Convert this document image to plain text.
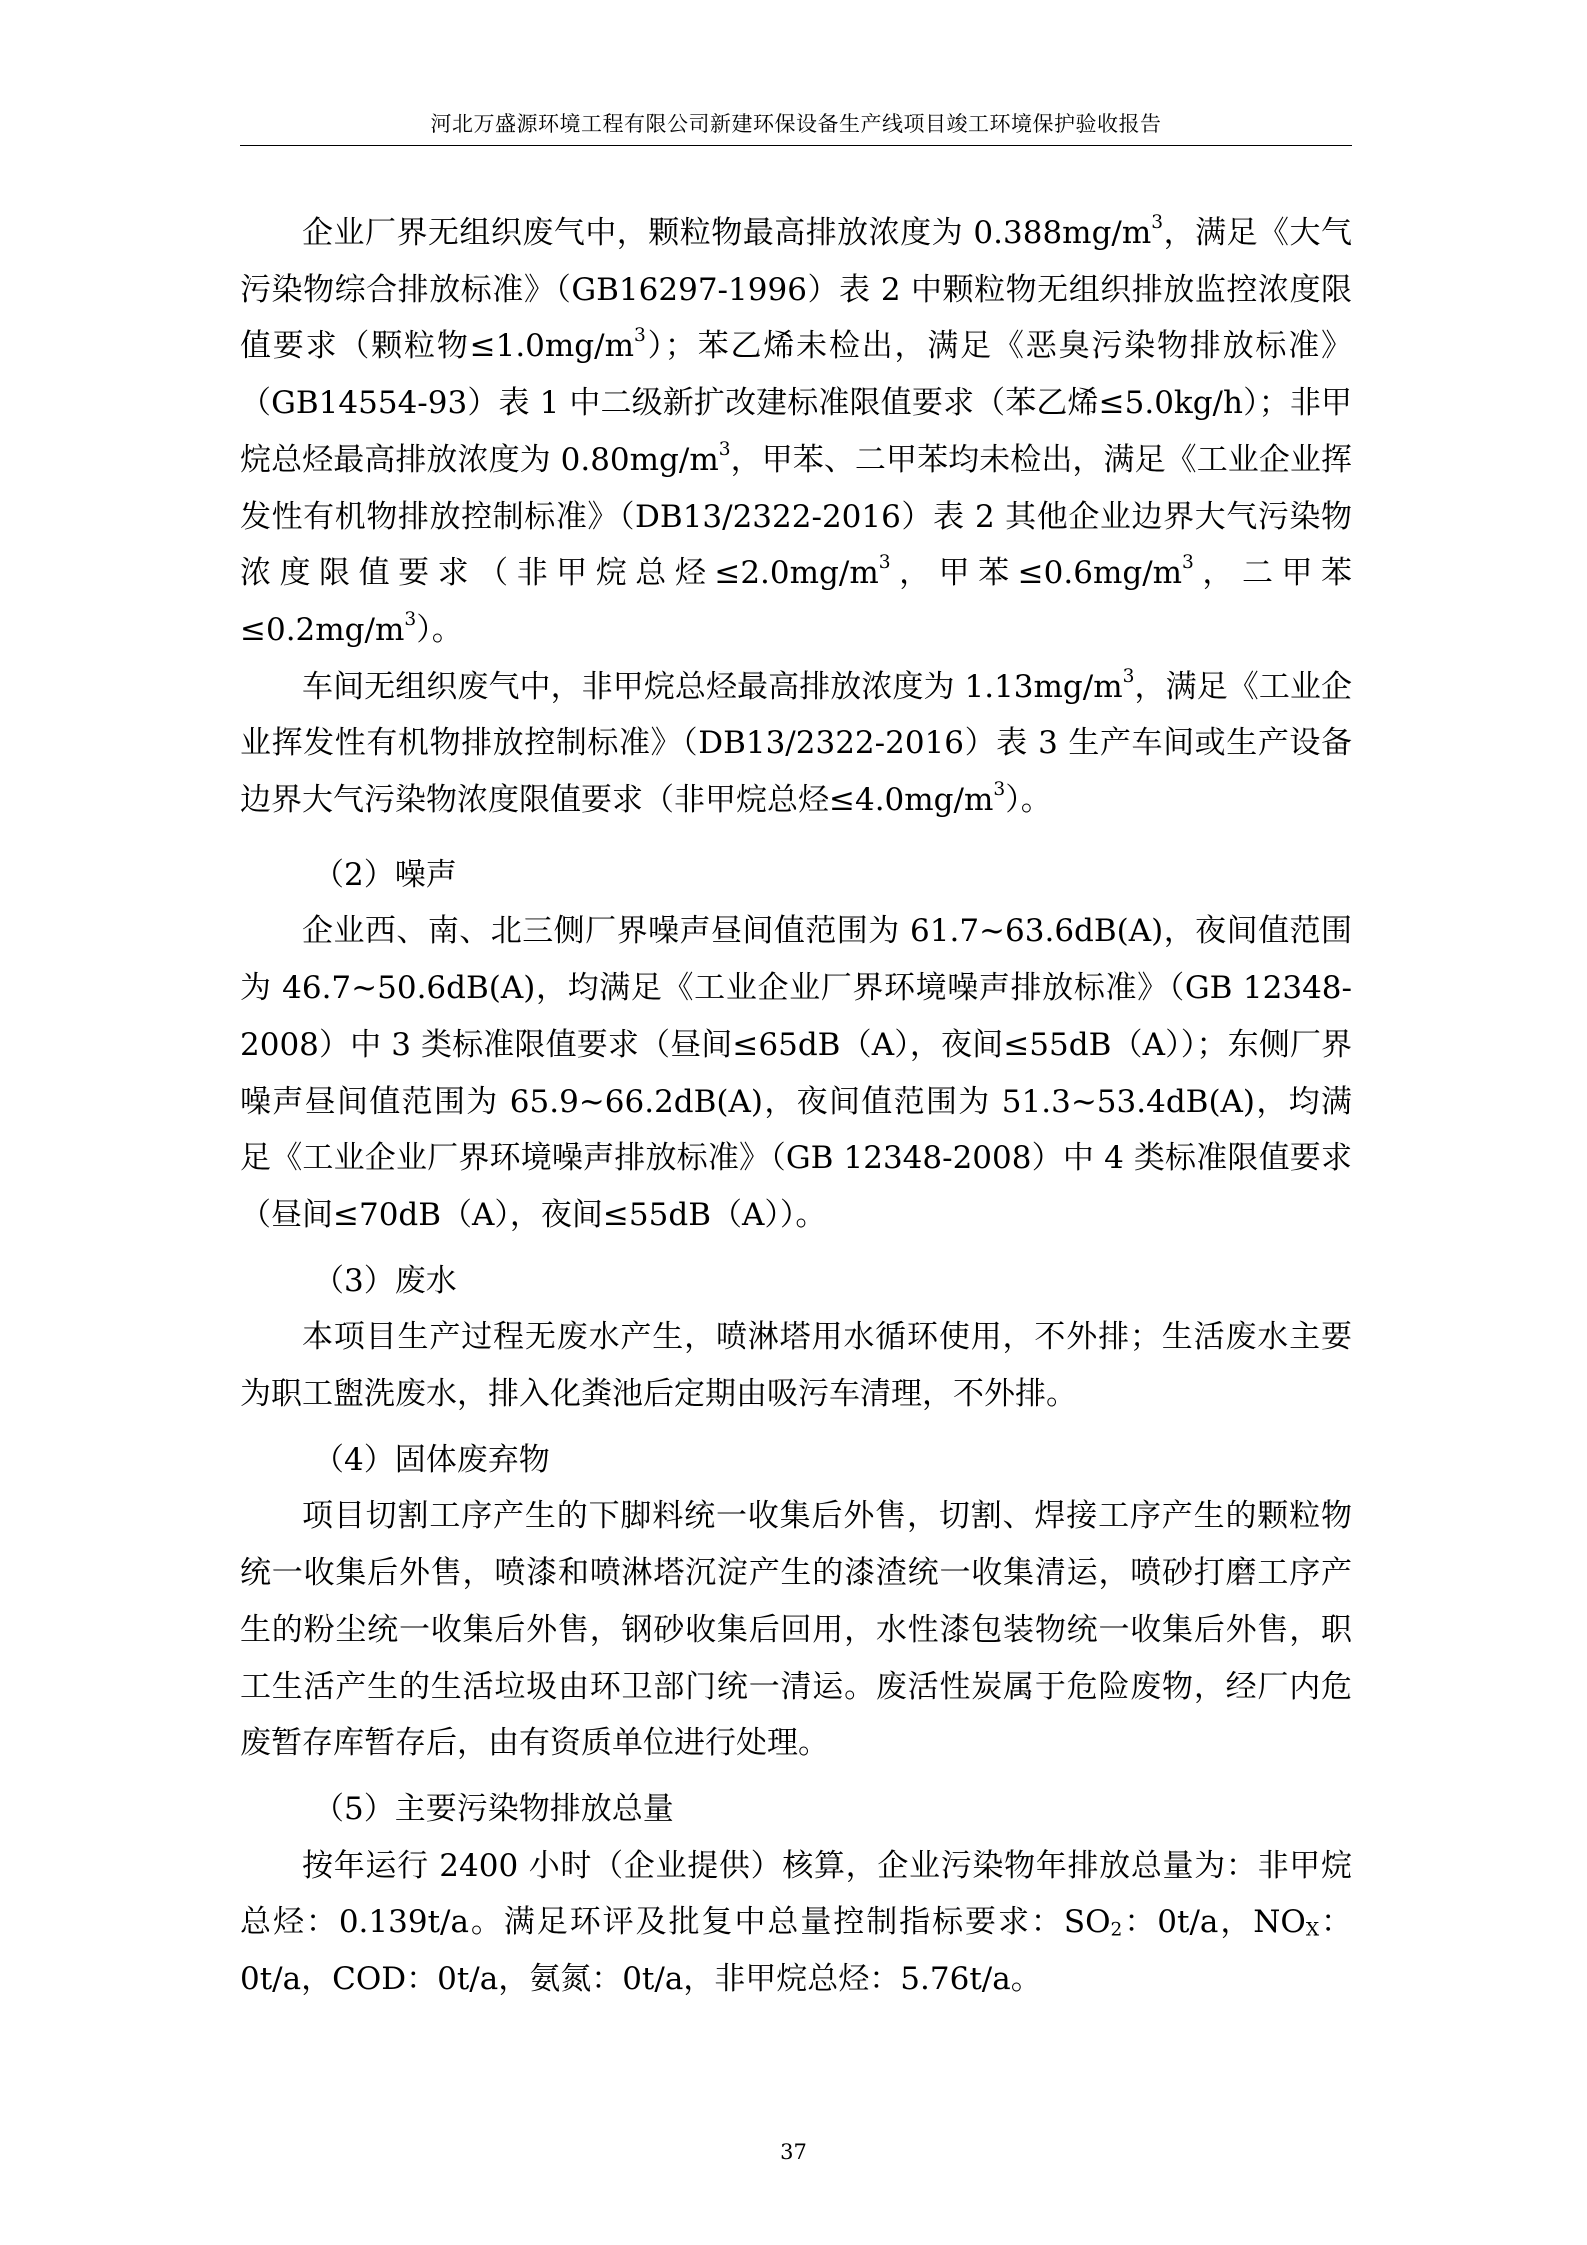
河北万盛源环境工程有限公司新建环保设备生产线项目竣工环境保护验收报告

企业厂界无组织废气中，颗粒物最高排放浓度为 $0.388mg/m^3$，满足《大气污染物综合排放标准》（GB16297-1996）表 2 中颗粒物无组织排放监控浓度限值要求（颗粒物$\le 1.0mg/m^3$）；苯乙烯未检出，满足《恶臭污染物排放标准》（GB14554-93）表 1 中二级新扩改建标准限值要求（苯乙烯≤5.0kg/h）；非甲烷总烃最高排放浓度为 $0.80mg/m^3$，甲苯、二甲苯均未检出，满足《工业企业挥发性有机物排放控制标准》（DB13/2322-2016）表 2 其他企业边界大气污染物浓度限值要求（非甲烷总烃$\le 2.0mg/m^3$，甲苯$\le 0.6mg/m^3$，二甲苯$\le 0.2mg/m^3$）。

车间无组织废气中，非甲烷总烃最高排放浓度为 $1.13mg/m^3$，满足《工业企业挥发性有机物排放控制标准》（DB13/2322-2016）表 3 生产车间或生产设备边界大气污染物浓度限值要求（非甲烷总烃$\le 4.0mg/m^3$）。

（2）噪声

企业西、南、北三侧厂界噪声昼间值范围为 61.7~63.6dB(A)，夜间值范围为 46.7~50.6dB(A)，均满足《工业企业厂界环境噪声排放标准》（GB 12348-2008）中 3 类标准限值要求（昼间≤65dB（A），夜间≤55dB（A））；东侧厂界噪声昼间值范围为 65.9~66.2dB(A)，夜间值范围为 51.3~53.4dB(A)，均满足《工业企业厂界环境噪声排放标准》（GB 12348-2008）中 4 类标准限值要求（昼间≤70dB（A），夜间≤55dB（A））。

（3）废水

本项目生产过程无废水产生，喷淋塔用水循环使用，不外排；生活废水主要为职工盥洗废水，排入化粪池后定期由吸污车清理，不外排。

（4）固体废弃物

项目切割工序产生的下脚料统一收集后外售，切割、焊接工序产生的颗粒物统一收集后外售，喷漆和喷淋塔沉淀产生的漆渣统一收集清运，喷砂打磨工序产生的粉尘统一收集后外售，钢砂收集后回用，水性漆包装物统一收集后外售，职工生活产生的生活垃圾由环卫部门统一清运。废活性炭属于危险废物，经厂内危废暂存库暂存后，由有资质单位进行处理。

（5）主要污染物排放总量

按年运行 2400 小时（企业提供）核算，企业污染物年排放总量为：非甲烷总烃：0.139t/a。满足环评及批复中总量控制指标要求：$SO_2$：0t/a，$NO_X$：0t/a，COD：0t/a，氨氮：0t/a，非甲烷总烃：5.76t/a。

37
